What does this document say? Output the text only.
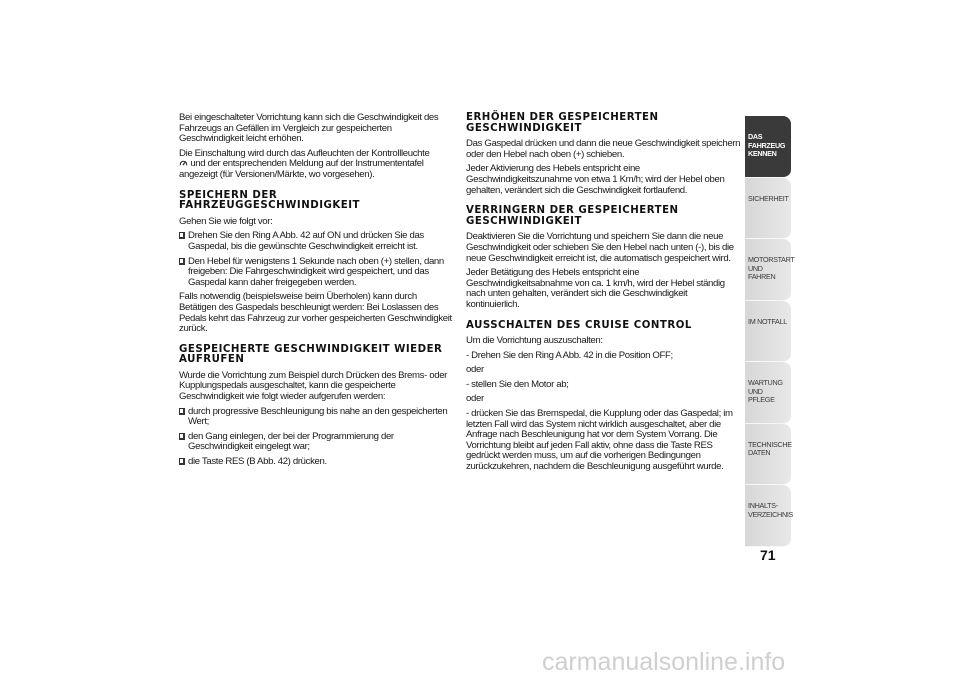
Bei eingeschalteter Vorrichtung kann sich die Geschwindigkeit des Fahrzeugs an Gefällen im Vergleich zur gespeicherten Geschwindigkeit leicht erhöhen.

Die Einschaltung wird durch das Aufleuchten der Kontrollleuchte
und der entsprechenden Meldung auf der Instrumententafel angezeigt (für Versionen/Märkte, wo vorgesehen).

SPEICHERN DER FAHRZEUGGESCHWINDIGKEIT

Gehen Sie wie folgt vor:

Drehen Sie den Ring A Abb. 42 auf ON und drücken Sie das Gaspedal, bis die gewünschte Geschwindigkeit erreicht ist.
Den Hebel für wenigstens 1 Sekunde nach oben (+) stellen, dann freigeben: Die Fahrgeschwindigkeit wird gespeichert, und das Gaspedal kann daher freigegeben werden.

Falls notwendig (beispielsweise beim Überholen) kann durch Betätigen des Gaspedals beschleunigt werden: Bei Loslassen des Pedals kehrt das Fahrzeug zur vorher gespeicherten Geschwindigkeit zurück.

GESPEICHERTE GESCHWINDIGKEIT WIEDER AUFRUFEN

Wurde die Vorrichtung zum Beispiel durch Drücken des Brems- oder Kupplungspedals ausgeschaltet, kann die gespeicherte Geschwindigkeit wie folgt wieder aufgerufen werden:

durch progressive Beschleunigung bis nahe an den gespeicherten Wert;
den Gang einlegen, der bei der Programmierung der Geschwindigkeit eingelegt war;
die Taste RES (B Abb. 42) drücken.
ERHÖHEN DER GESPEICHERTEN GESCHWINDIGKEIT

Das Gaspedal drücken und dann die neue Geschwindigkeit speichern oder den Hebel nach oben (+) schieben.

Jeder Aktivierung des Hebels entspricht eine Geschwindigkeitszunahme von etwa 1 Km/h; wird der Hebel oben gehalten, verändert sich die Geschwindigkeit fortlaufend.

VERRINGERN DER GESPEICHERTEN GESCHWINDIGKEIT

Deaktivieren Sie die Vorrichtung und speichern Sie dann die neue Geschwindigkeit oder schieben Sie den Hebel nach unten (-), bis die neue Geschwindigkeit erreicht ist, die automatisch gespeichert wird.

Jeder Betätigung des Hebels entspricht eine Geschwindigkeitsabnahme von ca. 1 km/h, wird der Hebel ständig nach unten gehalten, verändert sich die Geschwindigkeit kontinuierlich.

AUSSCHALTEN DES CRUISE CONTROL

Um die Vorrichtung auszuschalten:

- Drehen Sie den Ring A Abb. 42 in die Position OFF;

oder

- stellen Sie den Motor ab;

oder

- drücken Sie das Bremspedal, die Kupplung oder das Gaspedal; im letzten Fall wird das System nicht wirklich ausgeschaltet, aber die Anfrage nach Beschleunigung hat vor dem System Vorrang. Die Vorrichtung bleibt auf jeden Fall aktiv, ohne dass die Taste RES gedrückt werden muss, um auf die vorherigen Bedingungen zurückzukehren, nachdem die Beschleunigung ausgeführt wurde.

DAS FAHRZEUG KENNEN
SICHERHEIT
MOTORSTART UND FAHREN
IM NOTFALL
WARTUNG UND PFLEGE
TECHNISCHE DATEN
INHALTS- VERZEICHNIS
71
carmanualsonline.info
